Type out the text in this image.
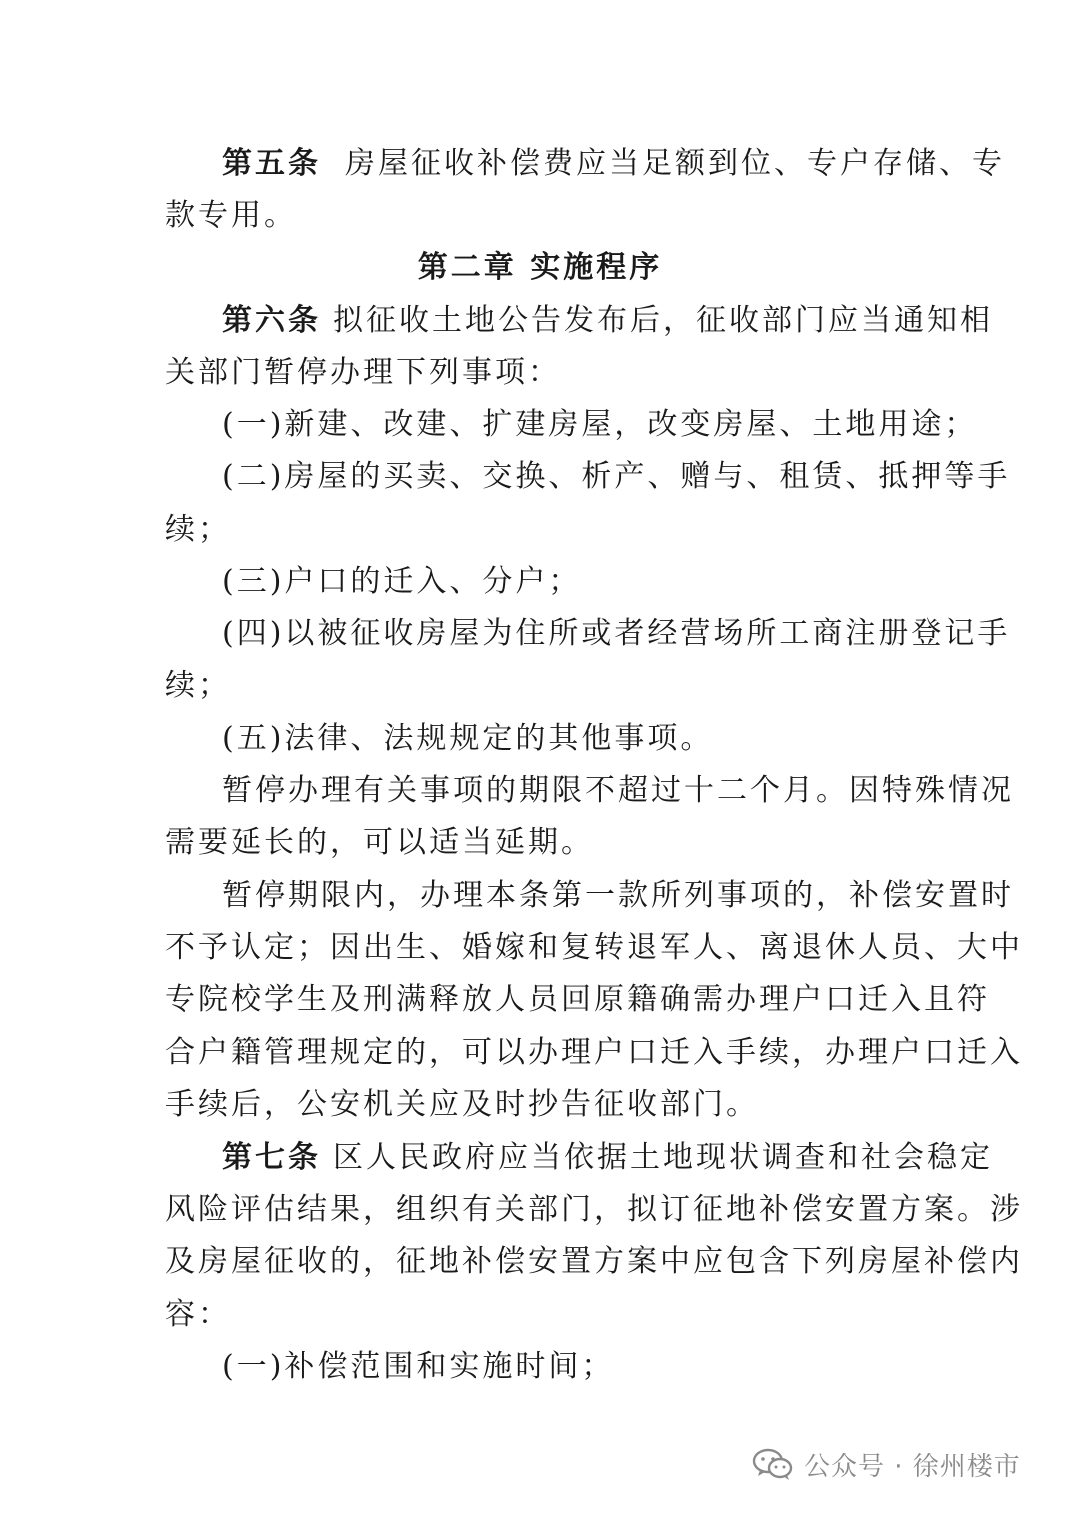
第五条 房屋征收补偿费应当足额到位、专户存储、专
款专用。
第二章 实施程序
第六条 拟征收土地公告发布后，征收部门应当通知相
关部门暂停办理下列事项：
(一)新建、改建、扩建房屋，改变房屋、土地用途；
(二)房屋的买卖、交换、析产、赠与、租赁、抵押等手
续；
(三)户口的迁入、分户；
(四)以被征收房屋为住所或者经营场所工商注册登记手
续；
(五)法律、法规规定的其他事项。
暂停办理有关事项的期限不超过十二个月。因特殊情况
需要延长的，可以适当延期。
暂停期限内，办理本条第一款所列事项的，补偿安置时
不予认定；因出生、婚嫁和复转退军人、离退休人员、大中
专院校学生及刑满释放人员回原籍确需办理户口迁入且符
合户籍管理规定的，可以办理户口迁入手续，办理户口迁入
手续后，公安机关应及时抄告征收部门。
第七条 区人民政府应当依据土地现状调查和社会稳定
风险评估结果，组织有关部门，拟订征地补偿安置方案。涉
及房屋征收的，征地补偿安置方案中应包含下列房屋补偿内
容：
(一)补偿范围和实施时间；
公众号 · 徐州楼市
